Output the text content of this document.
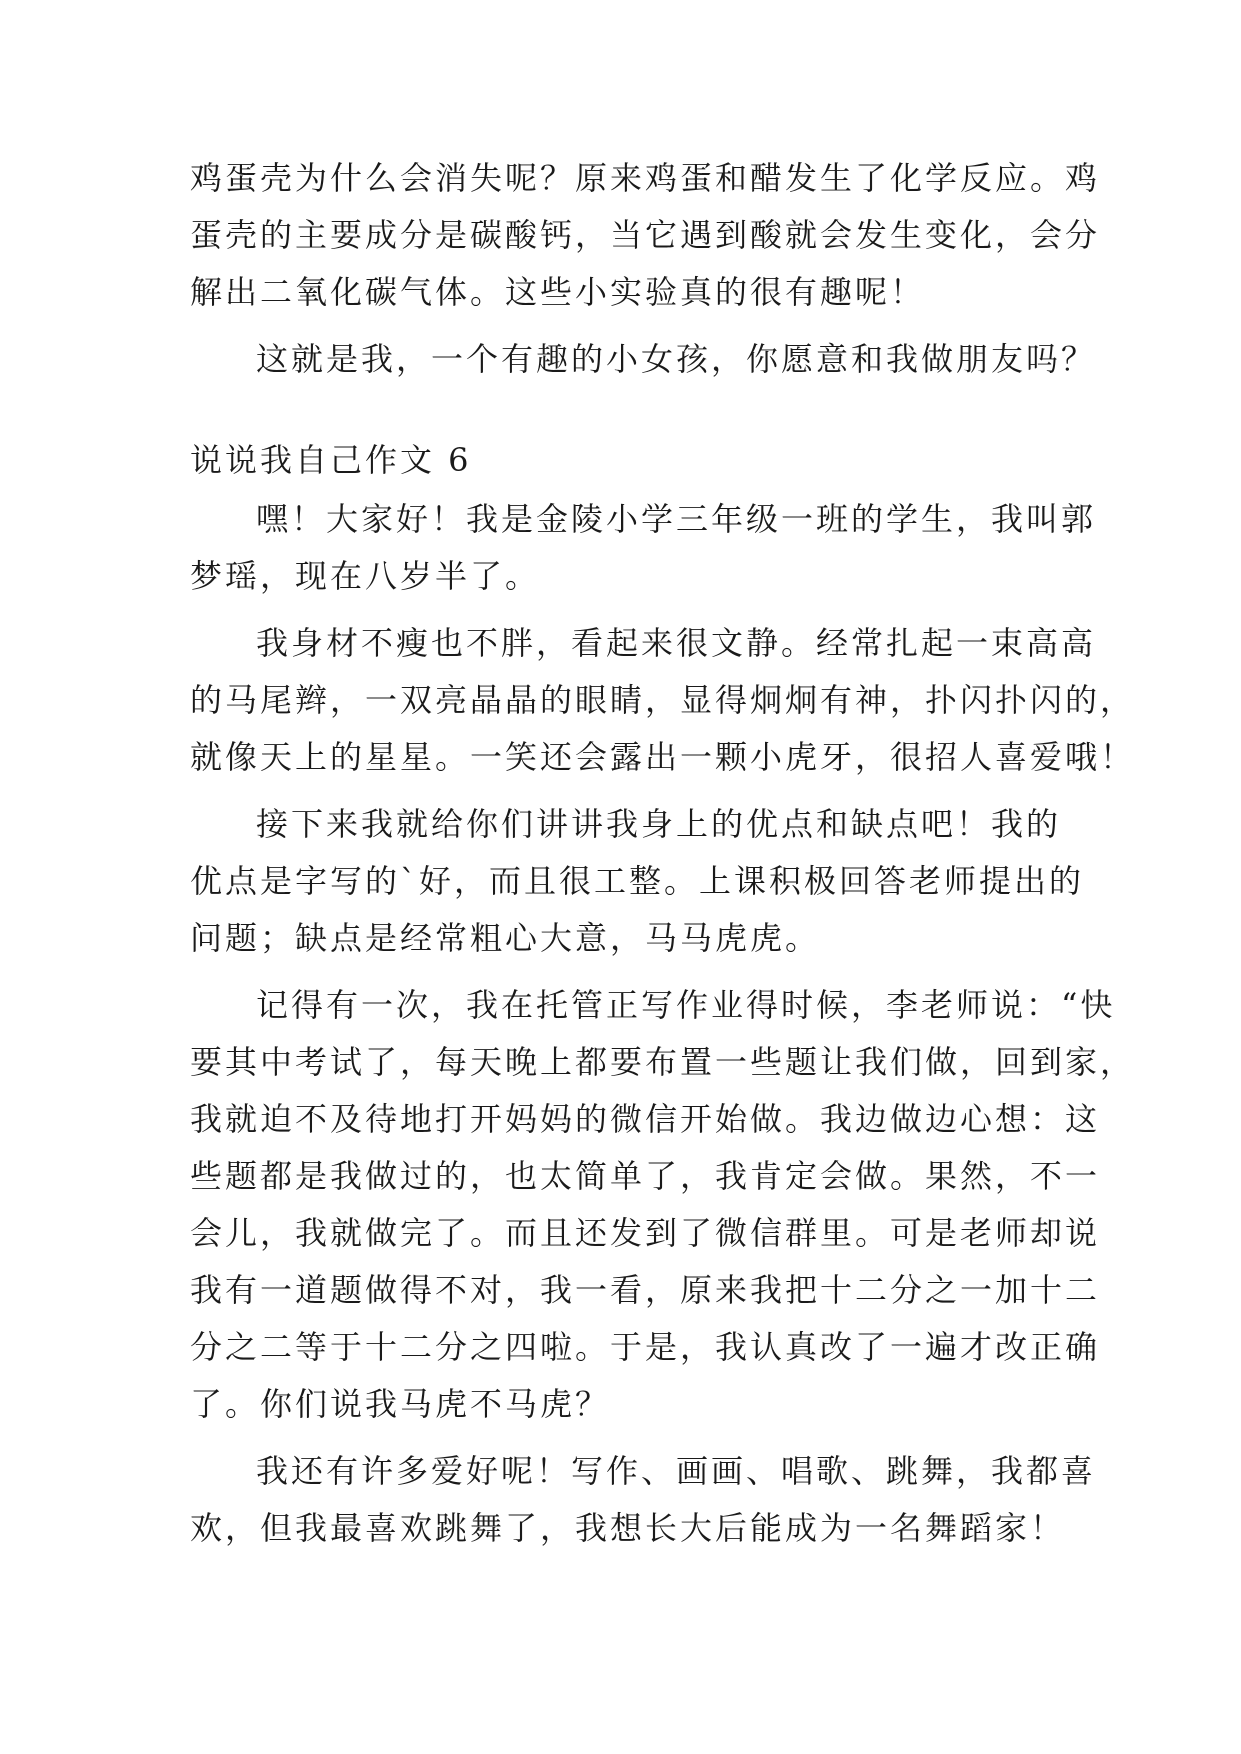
鸡蛋壳为什么会消失呢？原来鸡蛋和醋发生了化学反应。鸡
蛋壳的主要成分是碳酸钙，当它遇到酸就会发生变化，会分
解出二氧化碳气体。这些小实验真的很有趣呢！
这就是我，一个有趣的小女孩，你愿意和我做朋友吗？
说说我自己作文 6
嘿！大家好！我是金陵小学三年级一班的学生，我叫郭
梦瑶，现在八岁半了。
我身材不瘦也不胖，看起来很文静。经常扎起一束高高
的马尾辫，一双亮晶晶的眼睛，显得炯炯有神，扑闪扑闪的，
就像天上的星星。一笑还会露出一颗小虎牙，很招人喜爱哦！
接下来我就给你们讲讲我身上的优点和缺点吧！我的
优点是字写的`好，而且很工整。上课积极回答老师提出的
问题；缺点是经常粗心大意，马马虎虎。
记得有一次，我在托管正写作业得时候，李老师说：“快
要其中考试了，每天晚上都要布置一些题让我们做，回到家，
我就迫不及待地打开妈妈的微信开始做。我边做边心想：这
些题都是我做过的，也太简单了，我肯定会做。果然，不一
会儿，我就做完了。而且还发到了微信群里。可是老师却说
我有一道题做得不对，我一看，原来我把十二分之一加十二
分之二等于十二分之四啦。于是，我认真改了一遍才改正确
了。你们说我马虎不马虎？
我还有许多爱好呢！写作、画画、唱歌、跳舞，我都喜
欢，但我最喜欢跳舞了，我想长大后能成为一名舞蹈家！
